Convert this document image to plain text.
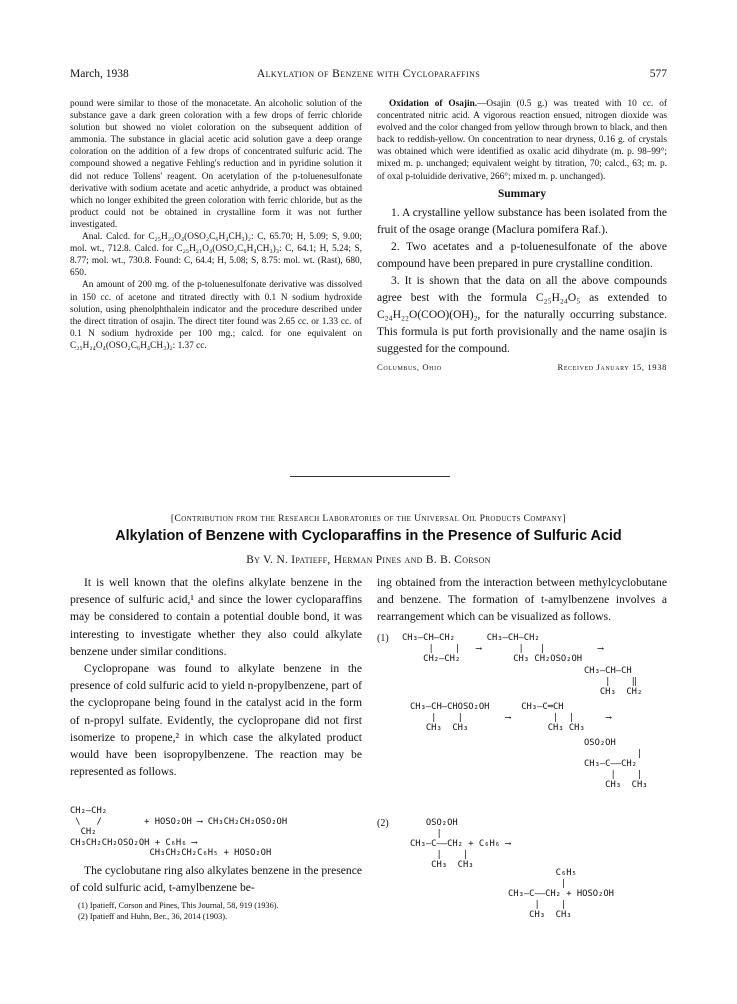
March, 1938	Alkylation of Benzene with Cycloparaffins	577

pound were similar to those of the monacetate. An alcoholic solution of the substance gave a dark green coloration with a few drops of ferric chloride solution but showed no violet coloration on the subsequent addition of ammonia. The substance in glacial acetic acid solution gave a deep orange coloration on the addition of a few drops of concentrated sulfuric acid. The compound showed a negative Fehling's reduction and in pyridine solution it did not reduce Tollens' reagent. On acetylation of the p-toluenesulfonate derivative with sodium acetate and acetic anhydride, a product was obtained which no longer exhibited the green coloration with ferric chloride, but as the product could not be obtained in crystalline form it was not further investigated.

Anal. Calcd. for C₂₅H₂₂O₄(OSO₂C₆H₄CH₃)₂: C, 65.70; H, 5.09; S, 9.00; mol. wt., 712.8. Calcd. for C₂₅H₂₁O₄(OSO₂C₆H₄CH₃)₃: C, 64.1; H, 5.24; S, 8.77; mol. wt., 730.8. Found: C, 64.4; H, 5.08; S, 8.75: mol. wt. (Rast), 680, 650.

An amount of 200 mg. of the p-toluenesulfonate derivative was dissolved in 150 cc. of acetone and titrated directly with 0.1 N sodium hydroxide solution, using phenolphthalein indicator and the procedure described under the direct titration of osajin. The direct titer found was 2.65 cc. or 1.33 cc. of 0.1 N sodium hydroxide per 100 mg.; calcd. for one equivalent on C₂₅H₂₄O₄(OSO₂C₆H₄CH₃)₂: 1.37 cc.

Oxidation of Osajin.—Osajin (0.5 g.) was treated with 10 cc. of concentrated nitric acid. A vigorous reaction ensued, nitrogen dioxide was evolved and the color changed from yellow through brown to black, and then back to reddish-yellow. On concentration to near dryness, 0.16 g. of crystals was obtained which were identified as oxalic acid dihydrate (m. p. 98–99°; mixed m. p. unchanged; equivalent weight by titration, 70; calcd., 63; m. p. of oxal p-toluidide derivative, 266°; mixed m. p. unchanged).

Summary

1. A crystalline yellow substance has been isolated from the fruit of the osage orange (Maclura pomifera Raf.).

2. Two acetates and a p-toluenesulfonate of the above compound have been prepared in pure crystalline condition.

3. It is shown that the data on all the above compounds agree best with the formula C₂₅H₂₄O₅ as extended to C₂₄H₂₂O(COO)(OH)₂, for the naturally occurring substance. This formula is put forth provisionally and the name osajin is suggested for the compound.

Columbus, Ohio	Received January 15, 1938
[Contribution from the Research Laboratories of the Universal Oil Products Company]
Alkylation of Benzene with Cycloparaffins in the Presence of Sulfuric Acid
By V. N. Ipatieff, Herman Pines and B. B. Corson

It is well known that the olefins alkylate benzene in the presence of sulfuric acid,¹ and since the lower cycloparaffins may be considered to contain a potential double bond, it was interesting to investigate whether they also could alkylate benzene under similar conditions.

Cyclopropane was found to alkylate benzene in the presence of cold sulfuric acid to yield n-propylbenzene, part of the cyclopropane being found in the catalyst acid in the form of n-propyl sulfate. Evidently, the cyclopropane did not first isomerize to propene,² in which case the alkylated product would have been isopropylbenzene. The reaction may be represented as follows.

CH₂—CH₂
\   /        + HOSO₂OH ⟶ CH₃CH₂CH₂OSO₂OH
CH₂
CH₃CH₂CH₂OSO₂OH + C₆H₆ ⟶
CH₃CH₂CH₂C₆H₅ + HOSO₂OH

The cyclobutane ring also alkylates benzene in the presence of cold sulfuric acid, t-amylbenzene be-

(1) Ipatieff, Corson and Pines, This Journal, 58, 919 (1936).

(2) Ipatieff and Huhn, Ber., 36, 2014 (1903).

ing obtained from the interaction between methylcyclobutane and benzene. The formation of t-amylbenzene involves a rearrangement which can be visualized as follows.

(1) CH₃—CH—CH₂      CH₃—CH—CH₂
|    |   ⟶       |   |          ⟶
CH₂—CH₂          CH₃ CH₂OSO₂OH
CH₃—CH—CH
|    ‖
CH₃  CH₂
CH₃—CH—CHOSO₂OH      CH₃—C═CH
|    |        ⟶        |  |      ⟶
CH₃  CH₃               CH₃ CH₃
OSO₂OH
|
CH₃—C——CH₂
|    |
CH₃  CH₃
(2)	OSO₂OH
|
CH₃—C——CH₂ + C₆H₆ ⟶
|    |
CH₃  CH₃
C₆H₅
|
CH₃—C——CH₂ + HOSO₂OH
|    |
CH₃  CH₃
